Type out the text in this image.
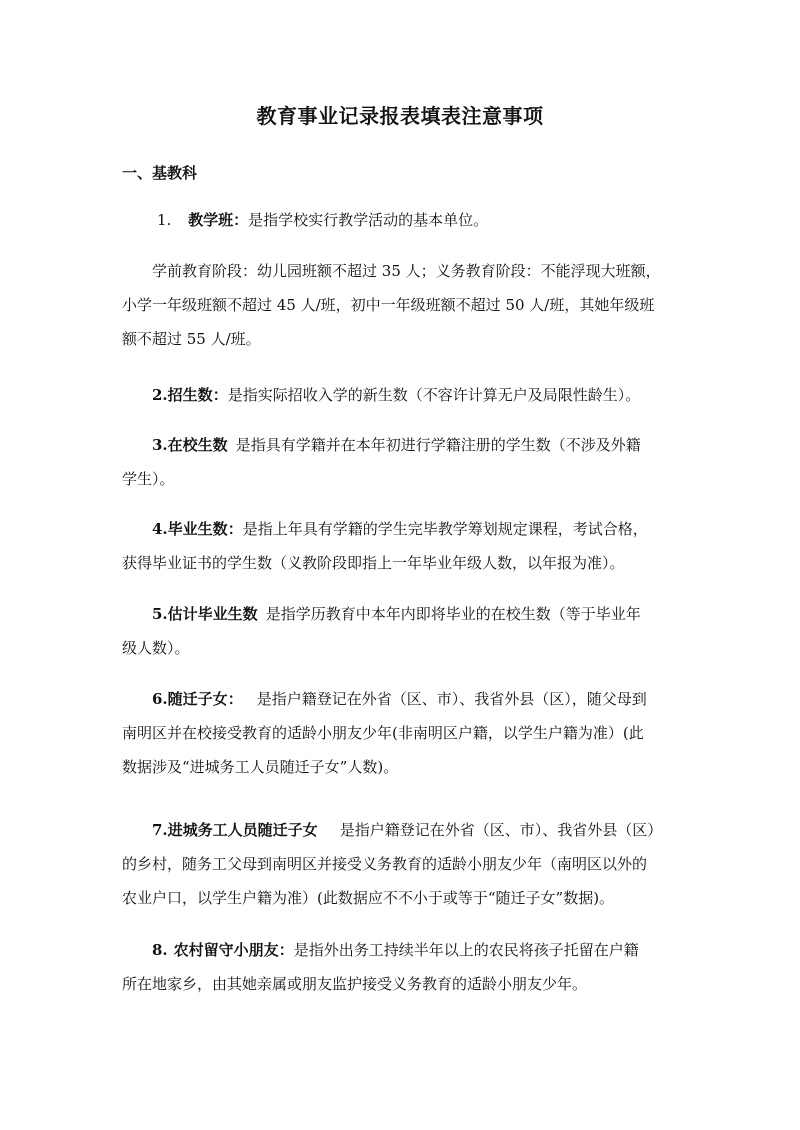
教育事业记录报表填表注意事项
一、基教科
1. 教学班：是指学校实行教学活动的基本单位。
学前教育阶段：幼儿园班额不超过 35 人；义务教育阶段：不能浮现大班额，
小学一年级班额不超过 45 人/班，初中一年级班额不超过 50 人/班，其她年级班
额不超过 55 人/班。
2.招生数：是指实际招收入学的新生数（不容许计算无户及局限性龄生）。
3.在校生数 是指具有学籍并在本年初进行学籍注册的学生数（不涉及外籍
学生）。
4.毕业生数：是指上年具有学籍的学生完毕教学筹划规定课程，考试合格，
获得毕业证书的学生数（义教阶段即指上一年毕业年级人数，以年报为准）。
5.估计毕业生数 是指学历教育中本年内即将毕业的在校生数（等于毕业年
级人数）。
6.随迁子女： 是指户籍登记在外省（区、市）、我省外县（区），随父母到
南明区并在校接受教育的适龄小朋友少年(非南明区户籍，以学生户籍为准）(此
数据涉及“进城务工人员随迁子女”人数)。
7.进城务工人员随迁子女 是指户籍登记在外省（区、市）、我省外县（区）
的乡村，随务工父母到南明区并接受义务教育的适龄小朋友少年（南明区以外的
农业户口，以学生户籍为准）(此数据应不不小于或等于“随迁子女”数据)。
8. 农村留守小朋友：是指外出务工持续半年以上的农民将孩子托留在户籍
所在地家乡，由其她亲属或朋友监护接受义务教育的适龄小朋友少年。
